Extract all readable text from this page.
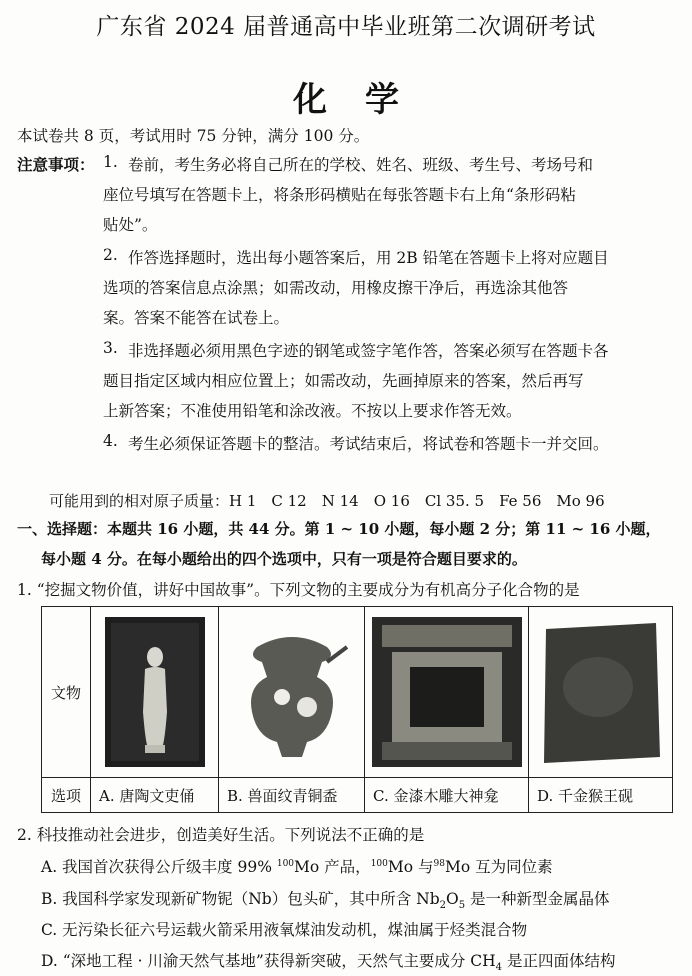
广东省 2024 届普通高中毕业班第二次调研考试
化学
本试卷共 8 页，考试用时 75 分钟，满分 100 分。
注意事项： 1. 卷前，考生务必将自己所在的学校、姓名、班级、考生号、考场号和
座位号填写在答题卡上，将条形码横贴在每张答题卡右上角“条形码粘
贴处”。
2. 作答选择题时，选出每小题答案后，用 2B 铅笔在答题卡上将对应题目
选项的答案信息点涂黑；如需改动，用橡皮擦干净后，再选涂其他答
案。答案不能答在试卷上。
3. 非选择题必须用黑色字迹的钢笔或签字笔作答，答案必须写在答题卡各
题目指定区域内相应位置上；如需改动，先画掉原来的答案，然后再写
上新答案；不准使用铅笔和涂改液。不按以上要求作答无效。
4. 考生必须保证答题卡的整洁。考试结束后，将试卷和答题卡一并交回。
可能用到的相对原子质量：H 1　C 12　N 14　O 16　Cl 35. 5　Fe 56　Mo 96
一、选择题：本题共 16 小题，共 44 分。第 1 ~ 10 小题，每小题 2 分；第 11 ~ 16 小题，
每小题 4 分。在每小题给出的四个选项中，只有一项是符合题目要求的。
1. “挖掘文物价值，讲好中国故事”。下列文物的主要成分为有机高分子化合物的是
文物	

选项	A. 唐陶文吏俑	B. 兽面纹青铜盉	C. 金漆木雕大神龛	D. 千金猴王砚
2. 科技推动社会进步，创造美好生活。下列说法不正确的是
A. 我国首次获得公斤级丰度 99% $^{100}$Mo 产品，$^{100}$Mo 与$^{98}$Mo 互为同位素
B. 我国科学家发现新矿物铌（Nb）包头矿，其中所含 $Nb_2O_5$ 是一种新型金属晶体
C. 无污染长征六号运载火箭采用液氧煤油发动机，煤油属于烃类混合物
D. “深地工程 · 川渝天然气基地”获得新突破，天然气主要成分 $CH_4$ 是正四面体结构
